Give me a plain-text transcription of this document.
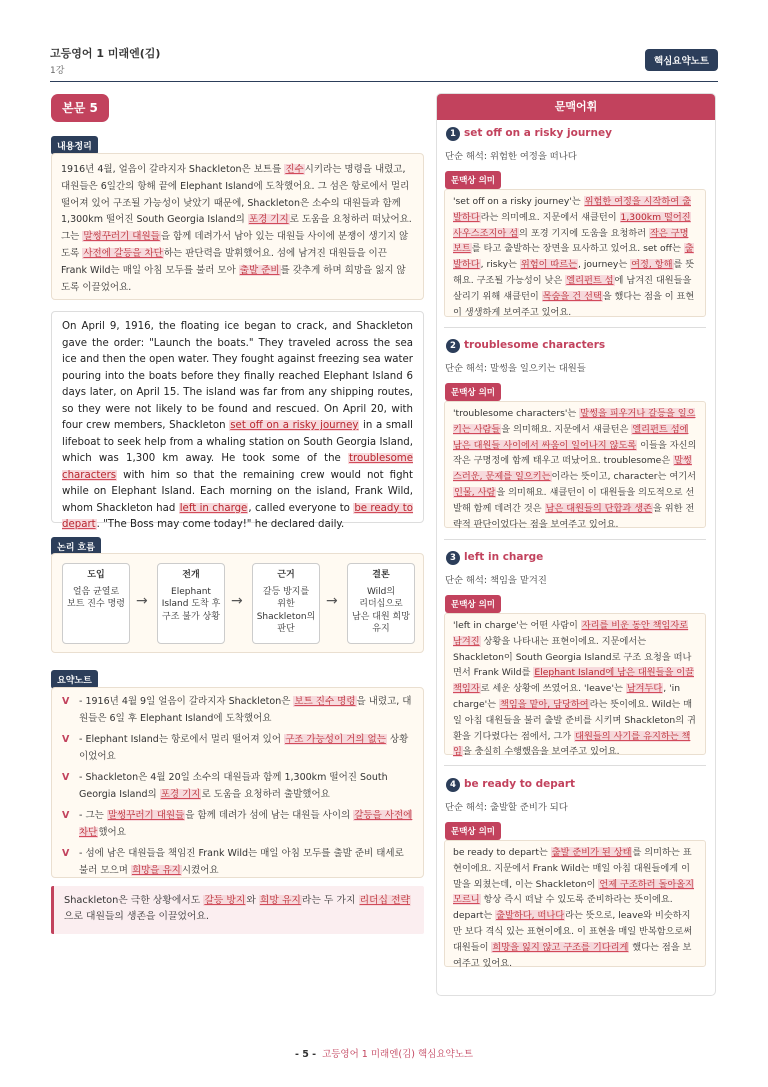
고등영어 1 미래엔(김)
1강
핵심요약노트
본문 5
내용정리
1916년 4월, 얼음이 갈라지자 Shackleton은 보트를 진수시키라는 명령을 내렸고, 대원들은 6일간의 항해 끝에 Elephant Island에 도착했어요. 그 섬은 항로에서 멀리 떨어져 있어 구조될 가능성이 낮았기 때문에, Shackleton은 소수의 대원들과 함께 1,300km 떨어진 South Georgia Island의 포경 기지로 도움을 요청하러 떠났어요. 그는 말썽꾸러기 대원들을 함께 데려가서 남아 있는 대원들 사이에 분쟁이 생기지 않도록 사전에 갈등을 차단하는 판단력을 발휘했어요. 섬에 남겨진 대원들을 이끈 Frank Wild는 매일 아침 모두를 불러 모아 출발 준비를 갖추게 하며 희망을 잃지 않도록 이끌었어요.
On April 9, 1916, the floating ice began to crack, and Shackleton gave the order: "Launch the boats." They traveled across the sea ice and then the open water. They fought against freezing sea water pouring into the boats before they finally reached Elephant Island 6 days later, on April 15. The island was far from any shipping routes, so they were not likely to be found and rescued. On April 20, with four crew members, Shackleton set off on a risky journey in a small lifeboat to seek help from a whaling station on South Georgia Island, which was 1,300 km away. He took some of the troublesome characters with him so that the remaining crew would not fight while on Elephant Island. Each morning on the island, Frank Wild, whom Shackleton had left in charge, called everyone to be ready to depart. "The Boss may come today!" he declared daily.
논리 흐름
도입
얼음 균열로
보트 진수 명령 →
전개
Elephant
Island 도착 후
구조 불가 상황
→
근거
갈등 방지를
위한
Shackleton의
판단
→
결론
Wild의
리더십으로
남은 대원 희망
유지
요약노트
V - 1916년 4월 9일 얼음이 갈라지자 Shackleton은 보트 진수 명령을 내렸고, 대원들은 6일 후 Elephant Island에 도착했어요
V - Elephant Island는 항로에서 멀리 떨어져 있어 구조 가능성이 거의 없는 상황이었어요
V - Shackleton은 4월 20일 소수의 대원들과 함께 1,300km 떨어진 South Georgia Island의 포경 기지로 도움을 요청하러 출발했어요
V - 그는 말썽꾸러기 대원들을 함께 데려가 섬에 남는 대원들 사이의 갈등을 사전에 차단했어요
V - 섬에 남은 대원들을 책임진 Frank Wild는 매일 아침 모두를 출발 준비 태세로 불러 모으며 희망을 유지시켰어요
Shackleton은 극한 상황에서도 갈등 방지와 희망 유지라는 두 가지 리더십 전략으로 대원들의 생존을 이끌었어요.
문맥어휘
1 set off on a risky journey
단순 해석: 위험한 여정을 떠나다
문맥상 의미
'set off on a risky journey'는 위험한 여정을 시작하여 출발하다라는 의미예요. 지문에서 섀클턴이 1,300km 떨어진 사우스조지아 섬의 포경 기지에 도움을 요청하러 작은 구명보트를 타고 출발하는 장면을 묘사하고 있어요. set off는 출발하다, risky는 위험이 따르는, journey는 여정, 항해를 뜻해요. 구조될 가능성이 낮은 엘리펀트 섬에 남겨진 대원들을 살리기 위해 섀클턴이 목숨을 건 선택을 했다는 점을 이 표현이 생생하게 보여주고 있어요.
2 troublesome characters
단순 해석: 말썽을 일으키는 대원들
문맥상 의미
'troublesome characters'는 말썽을 피우거나 갈등을 일으키는 사람들을 의미해요. 지문에서 섀클턴은 엘리펀트 섬에 남은 대원들 사이에서 싸움이 일어나지 않도록 이들을 자신의 작은 구명정에 함께 태우고 떠났어요. troublesome은 말썽스러운, 문제를 일으키는이라는 뜻이고, character는 여기서 인물, 사람을 의미해요. 섀클턴이 이 대원들을 의도적으로 선발해 함께 데려간 것은 남은 대원들의 단합과 생존을 위한 전략적 판단이었다는 점을 보여주고 있어요.
3 left in charge
단순 해석: 책임을 맡겨진
문맥상 의미
'left in charge'는 어떤 사람이 자리를 비운 동안 책임자로 남겨진 상황을 나타내는 표현이에요. 지문에서는 Shackleton이 South Georgia Island로 구조 요청을 떠나면서 Frank Wild를 Elephant Island에 남은 대원들을 이끌 책임자로 세운 상황에 쓰였어요. 'leave'는 남겨두다, 'in charge'는 책임을 맡아, 담당하여라는 뜻이에요. Wild는 매일 아침 대원들을 불러 출발 준비를 시키며 Shackleton의 귀환을 기다렸다는 점에서, 그가 대원들의 사기를 유지하는 책임을 충실히 수행했음을 보여주고 있어요.
4 be ready to depart
단순 해석: 출발할 준비가 되다
문맥상 의미
be ready to depart는 출발 준비가 된 상태를 의미하는 표현이에요. 지문에서 Frank Wild는 매일 아침 대원들에게 이 말을 외쳤는데, 이는 Shackleton이 언제 구조하러 돌아올지 모르니 항상 즉시 떠날 수 있도록 준비하라는 뜻이에요. depart는 출발하다, 떠나다라는 뜻으로, leave와 비슷하지만 보다 격식 있는 표현이에요. 이 표현을 매일 반복함으로써 대원들이 희망을 잃지 않고 구조를 기다리게 했다는 점을 보여주고 있어요.
- 5 - 고등영어 1 미래엔(김) 핵심요약노트
